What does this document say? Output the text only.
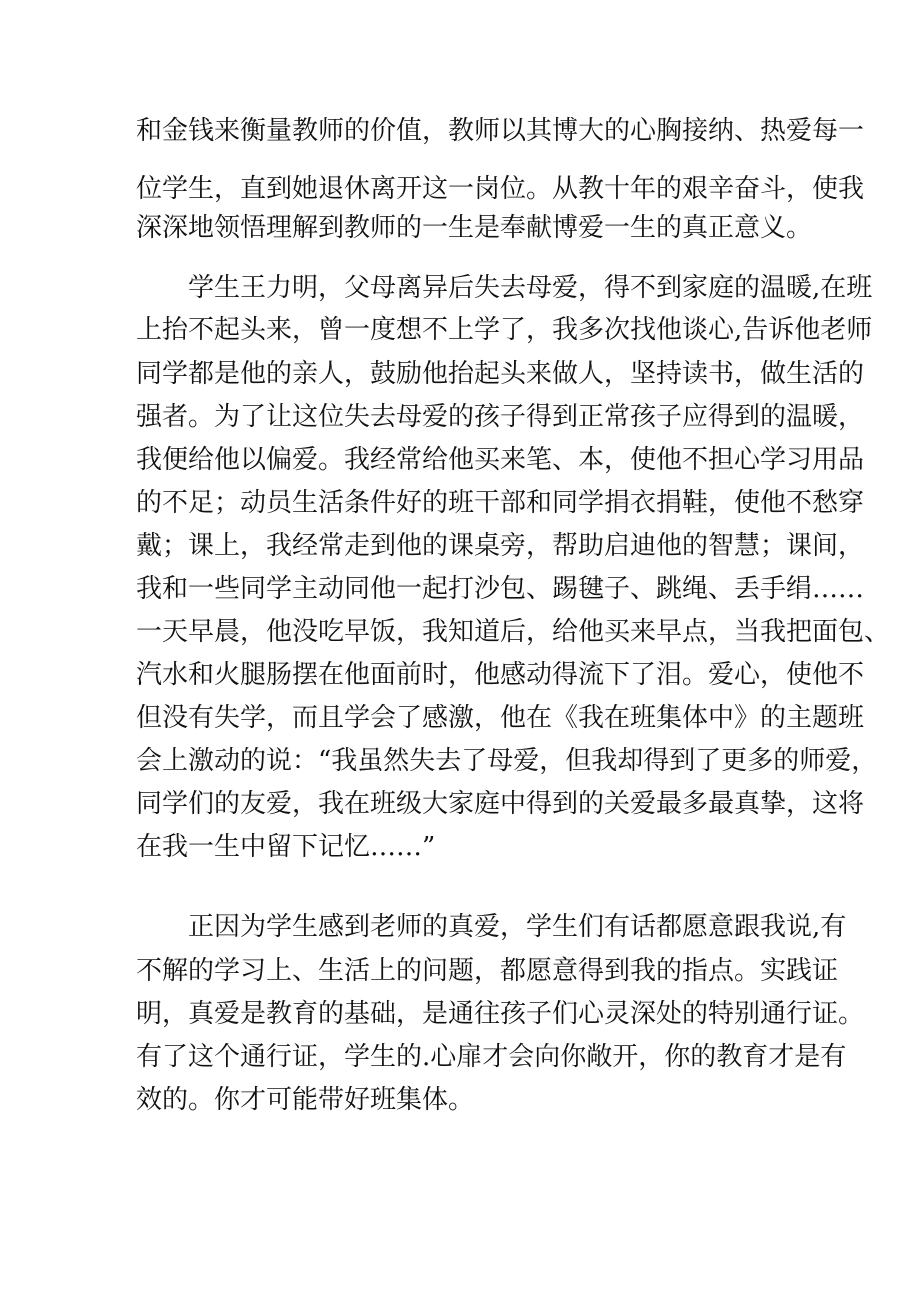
和金钱来衡量教师的价值，教师以其博大的心胸接纳、热爱每一
位学生，直到她退休离开这一岗位。从教十年的艰辛奋斗，使我
深深地领悟理解到教师的一生是奉献博爱一生的真正意义。
学生王力明，父母离异后失去母爱，得不到家庭的温暖,在班
上抬不起头来，曾一度想不上学了，我多次找他谈心,告诉他老师
同学都是他的亲人，鼓励他抬起头来做人，坚持读书，做生活的
强者。为了让这位失去母爱的孩子得到正常孩子应得到的温暖，
我便给他以偏爱。我经常给他买来笔、本，使他不担心学习用品
的不足；动员生活条件好的班干部和同学捐衣捐鞋，使他不愁穿
戴；课上，我经常走到他的课桌旁，帮助启迪他的智慧；课间，
我和一些同学主动同他一起打沙包、踢毽子、跳绳、丢手绢……
一天早晨，他没吃早饭，我知道后，给他买来早点，当我把面包、
汽水和火腿肠摆在他面前时，他感动得流下了泪。爱心，使他不
但没有失学，而且学会了感激，他在《我在班集体中》的主题班
会上激动的说：“我虽然失去了母爱，但我却得到了更多的师爱，
同学们的友爱，我在班级大家庭中得到的关爱最多最真挚，这将
在我一生中留下记忆……”
正因为学生感到老师的真爱，学生们有话都愿意跟我说,有
不解的学习上、生活上的问题，都愿意得到我的指点。实践证
明，真爱是教育的基础，是通往孩子们心灵深处的特别通行证。
有了这个通行证，学生的.心扉才会向你敞开，你的教育才是有
效的。你才可能带好班集体。
